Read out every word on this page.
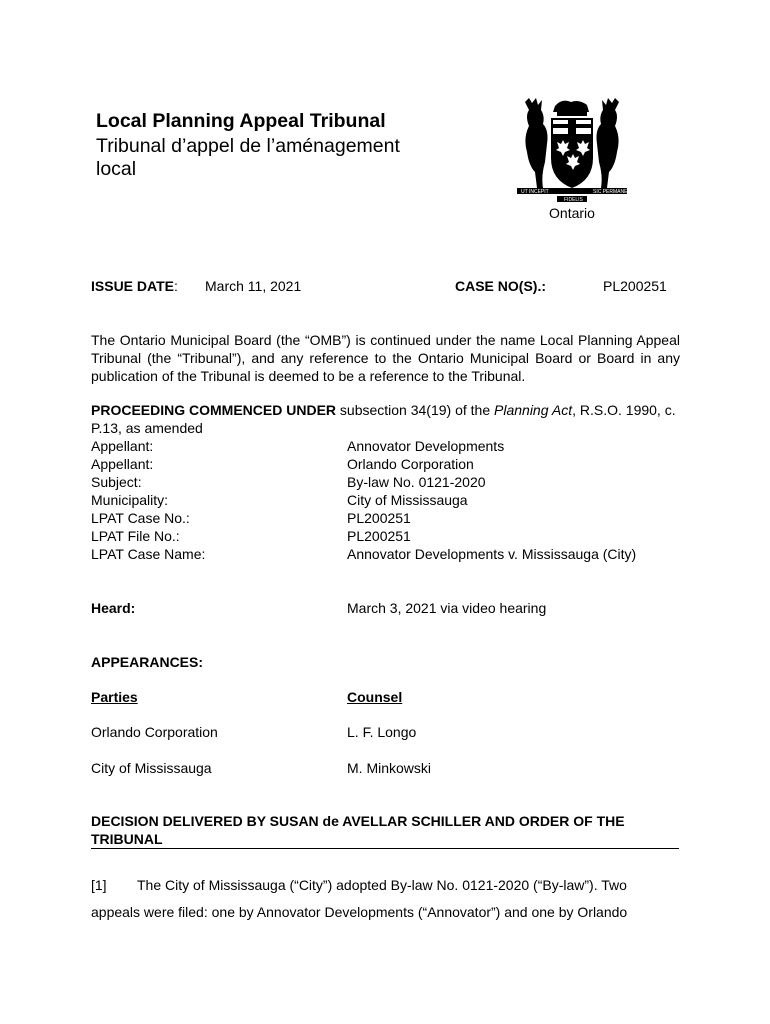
Local Planning Appeal Tribunal
Tribunal d’appel de l’aménagement local
UT INCEPIT	SIC PERMANET
FIDELIS
Ontario
ISSUE DATE: March 11, 2021	CASE NO(S).:	PL200251
The Ontario Municipal Board (the “OMB”) is continued under the name Local Planning Appeal Tribunal (the “Tribunal”), and any reference to the Ontario Municipal Board or Board in any publication of the Tribunal is deemed to be a reference to the Tribunal.
PROCEEDING COMMENCED UNDER subsection 34(19) of the Planning Act, R.S.O. 1990, c. P.13, as amended
Appellant:	Annovator Developments
Appellant:	Orlando Corporation
Subject:	By-law No. 0121-2020
Municipality:	City of Mississauga
LPAT Case No.:	PL200251
LPAT File No.:	PL200251
LPAT Case Name:	Annovator Developments v. Mississauga (City)
Heard:	March 3, 2021 via video hearing
APPEARANCES:
Parties	Counsel
Orlando Corporation	L. F. Longo
City of Mississauga	M. Minkowski
DECISION DELIVERED BY SUSAN de AVELLAR SCHILLER AND ORDER OF THE TRIBUNAL
[1] The City of Mississauga (“City”) adopted By-law No. 0121-2020 (“By-law”). Two
appeals were filed: one by Annovator Developments (“Annovator”) and one by Orlando
